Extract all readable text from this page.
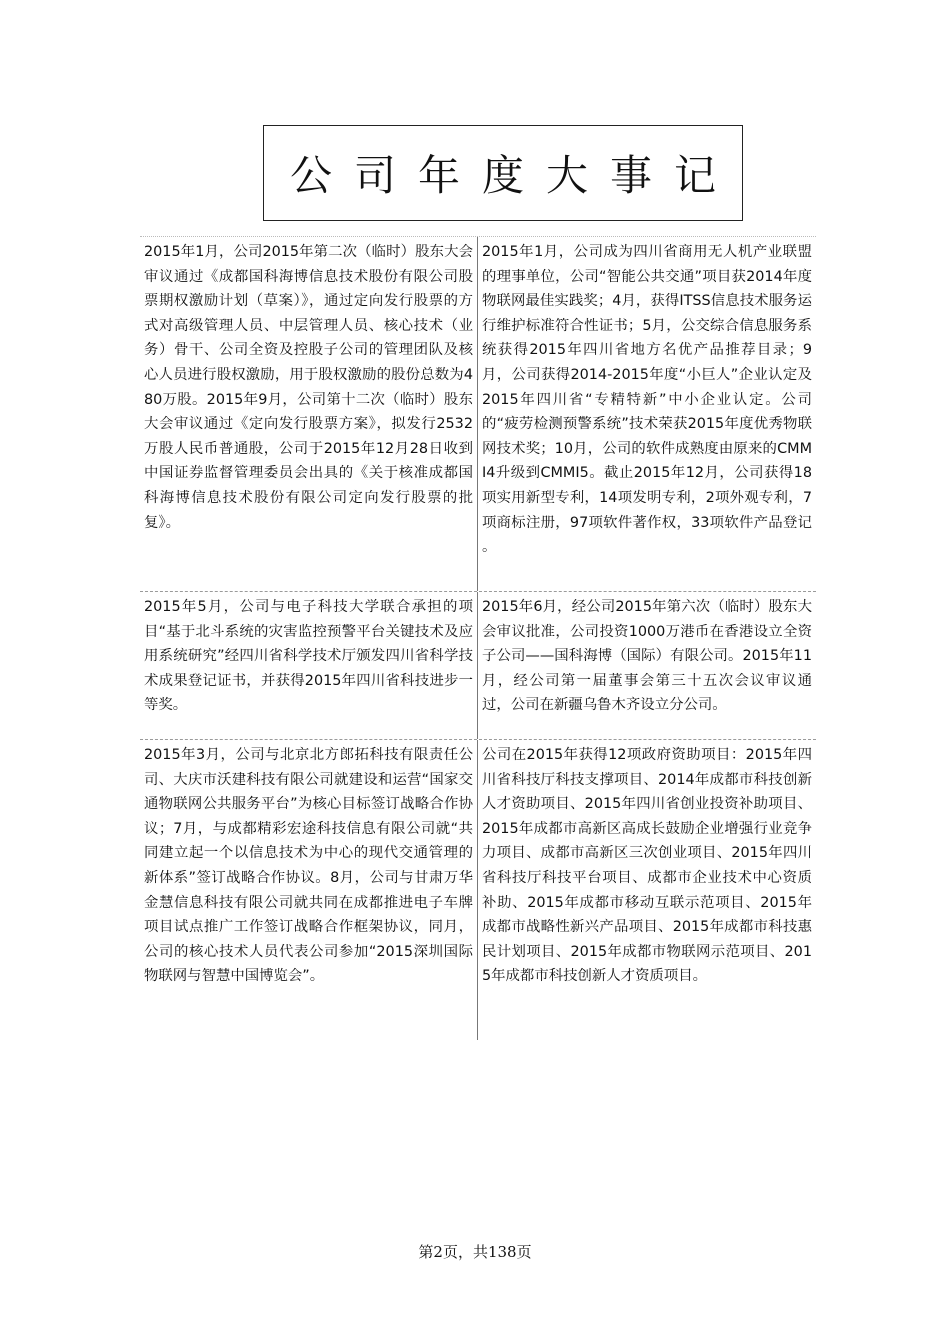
公司年度大事记
2015年1月，公司2015年第二次（临时）股东大会审议通过《成都国科海博信息技术股份有限公司股票期权激励计划（草案）》，通过定向发行股票的方式对高级管理人员、中层管理人员、核心技术（业务）骨干、公司全资及控股子公司的管理团队及核心人员进行股权激励，用于股权激励的股份总数为480万股。2015年9月，公司第十二次（临时）股东大会审议通过《定向发行股票方案》，拟发行2532万股人民币普通股，公司于2015年12月28日收到中国证券监督管理委员会出具的《关于核准成都国科海博信息技术股份有限公司定向发行股票的批复》。
2015年1月，公司成为四川省商用无人机产业联盟的理事单位，公司“智能公共交通”项目获2014年度物联网最佳实践奖；4月，获得ITSS信息技术服务运行维护标准符合性证书；5月，公交综合信息服务系统获得2015年四川省地方名优产品推荐目录；9月，公司获得2014-2015年度“小巨人”企业认定及2015年四川省“专精特新”中小企业认定。公司的“疲劳检测预警系统”技术荣获2015年度优秀物联网技术奖；10月，公司的软件成熟度由原来的CMMI4升级到CMMI5。截止2015年12月，公司获得18项实用新型专利，14项发明专利，2项外观专利，7项商标注册，97项软件著作权，33项软件产品登记 。
2015年5月，公司与电子科技大学联合承担的项目“基于北斗系统的灾害监控预警平台关键技术及应用系统研究”经四川省科学技术厅颁发四川省科学技术成果登记证书，并获得2015年四川省科技进步一等奖。
2015年6月，经公司2015年第六次（临时）股东大会审议批准，公司投资1000万港币在香港设立全资子公司——国科海博（国际）有限公司。2015年11月，经公司第一届董事会第三十五次会议审议通过，公司在新疆乌鲁木齐设立分公司。
2015年3月，公司与北京北方郎拓科技有限责任公司、大庆市沃建科技有限公司就建设和运营“国家交通物联网公共服务平台”为核心目标签订战略合作协议；7月，与成都精彩宏途科技信息有限公司就“共同建立起一个以信息技术为中心的现代交通管理的新体系”签订战略合作协议。8月，公司与甘肃万华金慧信息科技有限公司就共同在成都推进电子车牌项目试点推广工作签订战略合作框架协议，同月，公司的核心技术人员代表公司参加“2015深圳国际物联网与智慧中国博览会”。
公司在2015年获得12项政府资助项目：2015年四川省科技厅科技支撑项目、2014年成都市科技创新人才资助项目、2015年四川省创业投资补助项目、2015年成都市高新区高成长鼓励企业增强行业竞争力项目、成都市高新区三次创业项目、2015年四川省科技厅科技平台项目、成都市企业技术中心资质补助、2015年成都市移动互联示范项目、2015年成都市战略性新兴产品项目、2015年成都市科技惠民计划项目、2015年成都市物联网示范项目、2015年成都市科技创新人才资质项目。
第2页，共138页
